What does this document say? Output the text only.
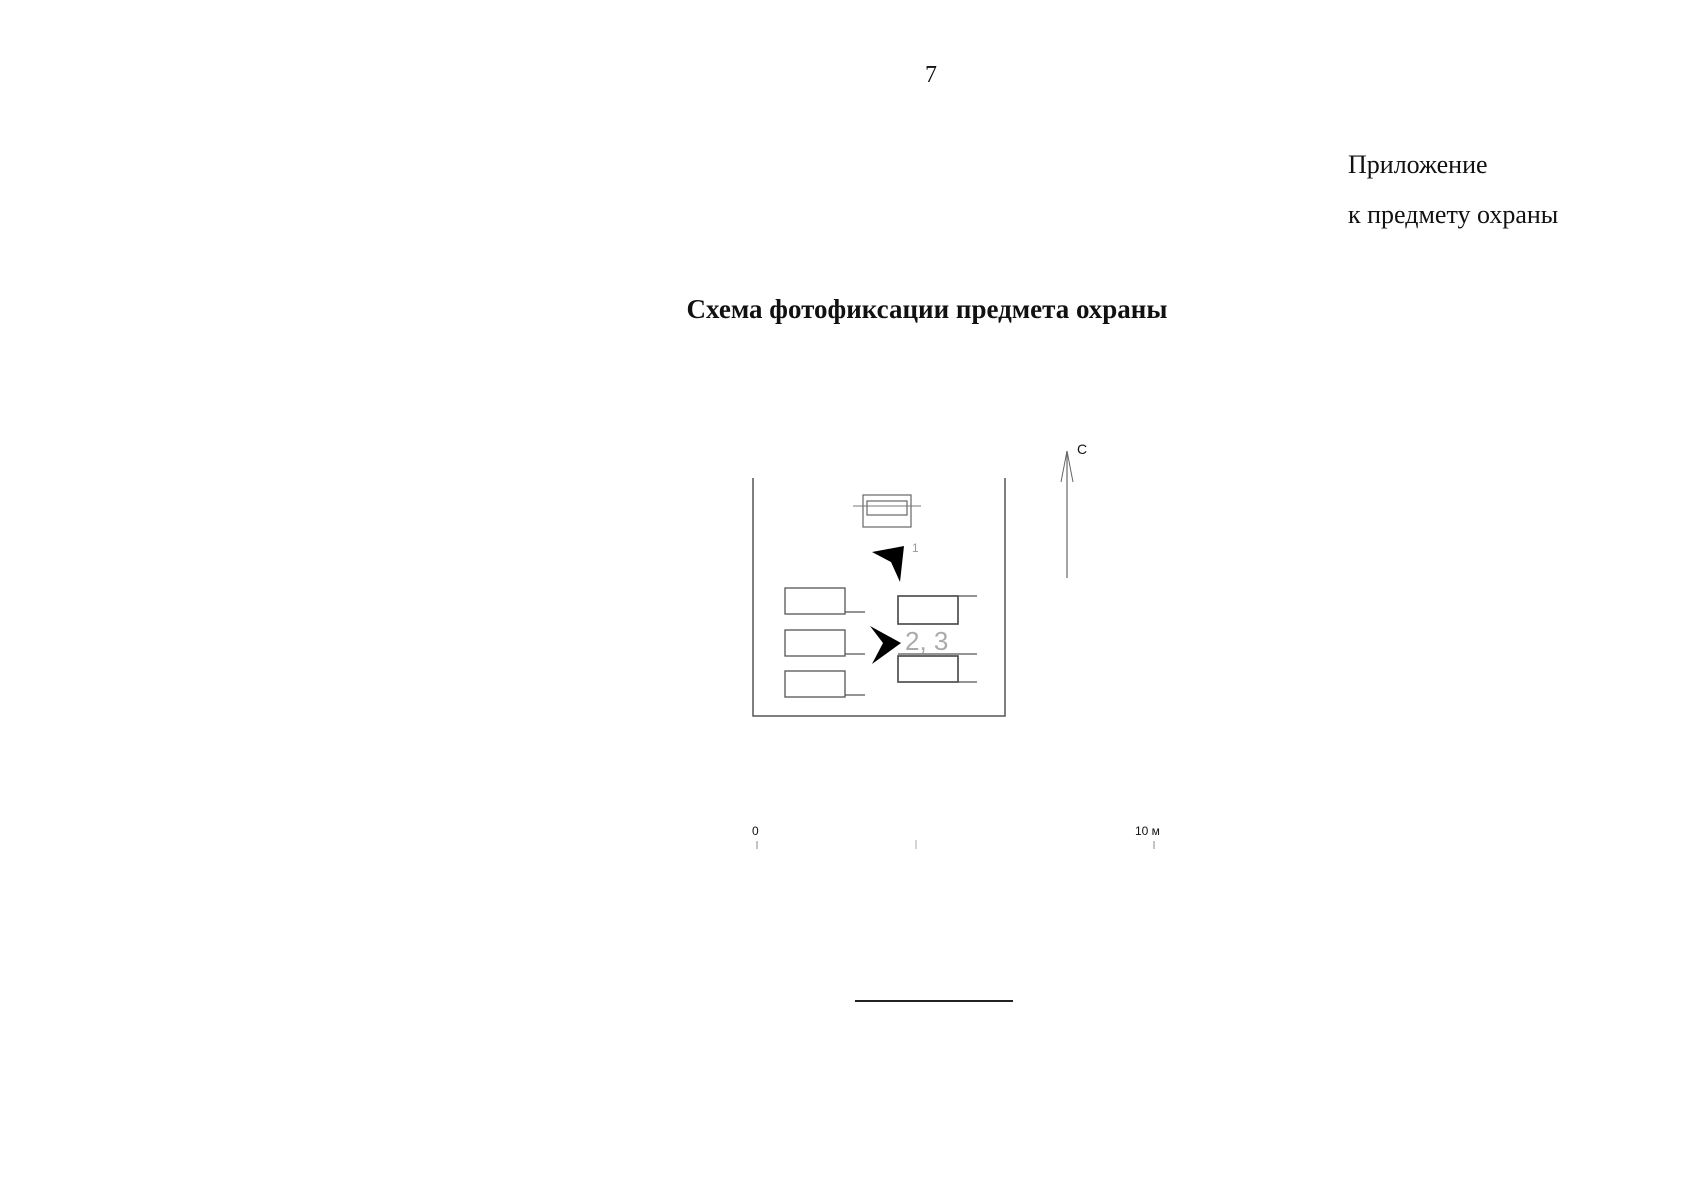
7
Приложение
к предмету охраны
Схема фотофиксации предмета охраны
1
2, 3
С
0	10 м
